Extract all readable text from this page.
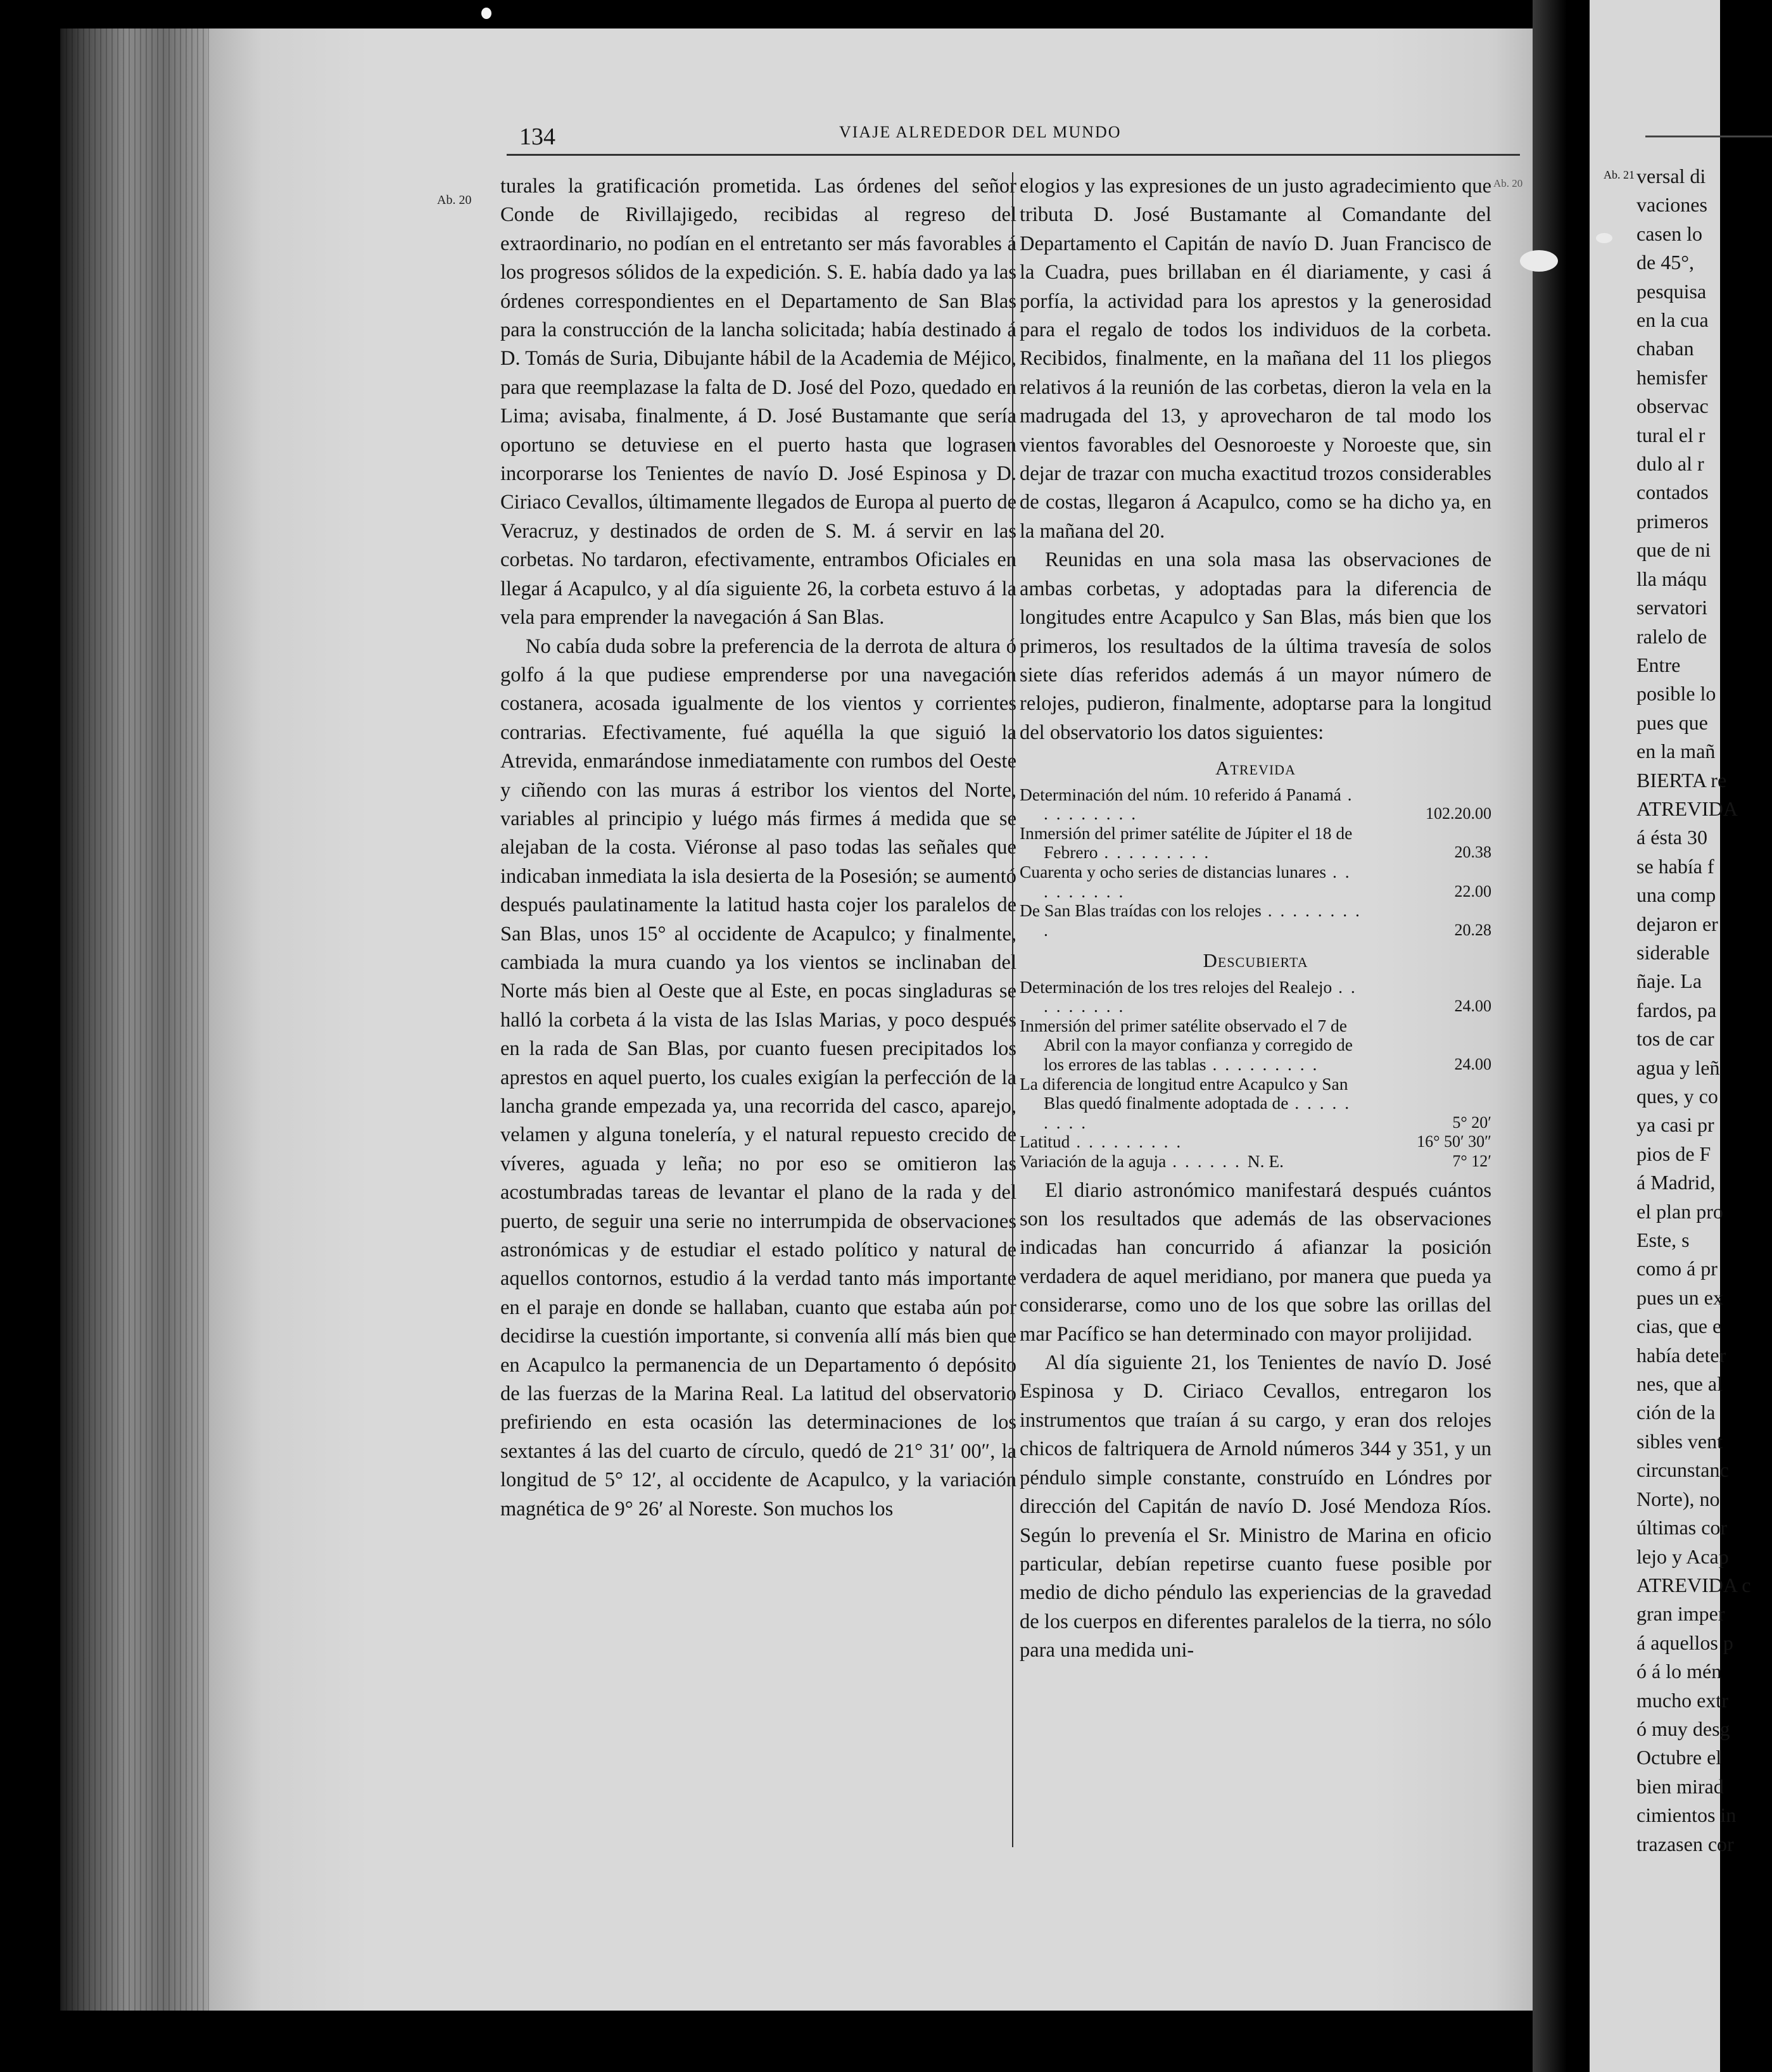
134	VIAJE ALREDEDOR DEL MUNDO
Ab. 20
Ab. 20

turales la gratificación prometida. Las órdenes del señor Conde de Rivillajigedo, recibidas al regreso del extraordinario, no podían en el entretanto ser más favorables á los progresos sólidos de la expedición. S. E. había dado ya las órdenes correspondientes en el Departamento de San Blas para la construcción de la lancha solicitada; había destinado á D. Tomás de Suria, Dibujante hábil de la Academia de Méjico, para que reemplazase la falta de D. José del Pozo, quedado en Lima; avisaba, finalmente, á D. José Bustamante que sería oportuno se detuviese en el puerto hasta que lograsen incorporarse los Tenientes de navío D. José Espinosa y D. Ciriaco Cevallos, últimamente llegados de Europa al puerto de Veracruz, y destinados de orden de S. M. á servir en las corbetas. No tardaron, efectivamente, entrambos Oficiales en llegar á Acapulco, y al día siguiente 26, la corbeta estuvo á la vela para emprender la navegación á San Blas.

No cabía duda sobre la preferencia de la derrota de altura ó golfo á la que pudiese emprenderse por una navegación costanera, acosada igualmente de los vientos y corrientes contrarias. Efectivamente, fué aquélla la que siguió la Atrevida, enmarándose inmediatamente con rumbos del Oeste y ciñendo con las muras á estribor los vientos del Norte, variables al principio y luégo más firmes á medida que se alejaban de la costa. Viéronse al paso todas las señales que indicaban inmediata la isla desierta de la Posesión; se aumentó después paulatinamente la latitud hasta cojer los paralelos de San Blas, unos 15° al occidente de Acapulco; y finalmente, cambiada la mura cuando ya los vientos se inclinaban del Norte más bien al Oeste que al Este, en pocas singladuras se halló la corbeta á la vista de las Islas Marias, y poco después en la rada de San Blas, por cuanto fuesen precipitados los aprestos en aquel puerto, los cuales exigían la perfección de la lancha grande empezada ya, una recorrida del casco, aparejo, velamen y alguna tonelería, y el natural repuesto crecido de víveres, aguada y leña; no por eso se omitieron las acostumbradas tareas de levantar el plano de la rada y del puerto, de seguir una serie no interrumpida de observaciones astronómicas y de estudiar el estado político y natural de aquellos contornos, estudio á la verdad tanto más importante en el paraje en donde se hallaban, cuanto que estaba aún por decidirse la cuestión importante, si convenía allí más bien que en Acapulco la permanencia de un Departamento ó depósito de las fuerzas de la Marina Real. La latitud del observatorio prefiriendo en esta ocasión las determinaciones de los sextantes á las del cuarto de círculo, quedó de 21° 31′ 00″, la longitud de 5° 12′, al occidente de Acapulco, y la variación magnética de 9° 26′ al Noreste. Son muchos los

elogios y las expresiones de un justo agradecimiento que tributa D. José Bustamante al Comandante del Departamento el Capitán de navío D. Juan Francisco de la Cuadra, pues brillaban en él diariamente, y casi á porfía, la actividad para los aprestos y la generosidad para el regalo de todos los individuos de la corbeta. Recibidos, finalmente, en la mañana del 11 los pliegos relativos á la reunión de las corbetas, dieron la vela en la madrugada del 13, y aprovecharon de tal modo los vientos favorables del Oesnoroeste y Noroeste que, sin dejar de trazar con mucha exactitud trozos considerables de costas, llegaron á Acapulco, como se ha dicho ya, en la mañana del 20.

Reunidas en una sola masa las observaciones de ambas corbetas, y adoptadas para la diferencia de longitudes entre Acapulco y San Blas, más bien que los primeros, los resultados de la última travesía de solos siete días referidos además á un mayor número de relojes, pudieron, finalmente, adoptarse para la longitud del observatorio los datos siguientes:

Atrevida
Determinación del núm. 10 referido á Panamá . . . . . . . . .	102.20.00

Inmersión del primer satélite de Júpiter el 18 de Febrero . . . . . . . . .	20.38

Cuarenta y ocho series de distancias lunares . . . . . . . . .	22.00

De San Blas traídas con los relojes . . . . . . . . .	20.28
Descubierta
Determinación de los tres relojes del Realejo . . . . . . . . .	24.00

Inmersión del primer satélite observado el 7 de Abril con la mayor confianza y corregido de los errores de las tablas . . . . . . . . .	24.00

La diferencia de longitud entre Acapulco y San Blas quedó finalmente adoptada de . . . . . . . . .	5° 20′

Latitud . . . . . . . . .	16° 50′ 30″

Variación de la aguja . . . . . . N. E.	7° 12′

El diario astronómico manifestará después cuántos son los resultados que además de las observaciones indicadas han concurrido á afianzar la posición verdadera de aquel meridiano, por manera que pueda ya considerarse, como uno de los que sobre las orillas del mar Pacífico se han determinado con mayor prolijidad.

Al día siguiente 21, los Tenientes de navío D. José Espinosa y D. Ciriaco Cevallos, entregaron los instrumentos que traían á su cargo, y eran dos relojes chicos de faltriquera de Arnold números 344 y 351, y un péndulo simple constante, construído en Lóndres por dirección del Capitán de navío D. José Mendoza Ríos. Según lo prevenía el Sr. Ministro de Marina en oficio particular, debían repetirse cuanto fuese posible por medio de dicho péndulo las experiencias de la gravedad de los cuerpos en diferentes paralelos de la tierra, no sólo para una medida uni-

Ab. 21 versal di
vaciones
casen lo
de 45°,
pesquisa
en la cua
chaban
hemisfer
observac
tural el r
dulo al r
contados
primeros
que de ni
lla máqu
servatori
ralelo de
Entre
posible lo
pues que
en la mañ
BIERTA re
ATREVIDA
á ésta 30
se había f
una comp
dejaron er
siderable
ñaje. La
fardos, pa
tos de car
agua y leñ
ques, y co
ya casi pr
pios de F
á Madrid,
el plan pro
Este, s
como á pr
pues un ex
cias, que e
había deter
nes, que al
ción de la
sibles vent
circunstanc
Norte), no
últimas cor
lejo y Acap
ATREVIDA c
gran imper
á aquellos p
ó á lo mén
mucho extr
ó muy desg
Octubre el
bien mirad
cimientos in
trazasen cor
